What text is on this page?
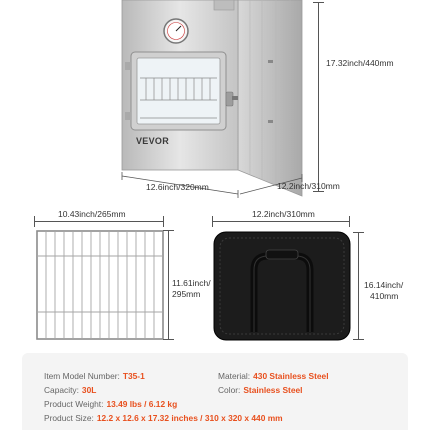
VEVOR
17.32inch/440mm
12.6inch/320mm	12.2inch/310mm
10.43inch/265mm
11.61inch/
295mm
12.2inch/310mm
16.14inch/
410mm
Item Model Number: T35-1	Material: 430 Stainless Steel
Capacity: 30L	Color: Stainless Steel
Product Weight: 13.49 lbs / 6.12 kg
Product Size: 12.2 x 12.6 x 17.32 inches / 310 x 320 x 440 mm
